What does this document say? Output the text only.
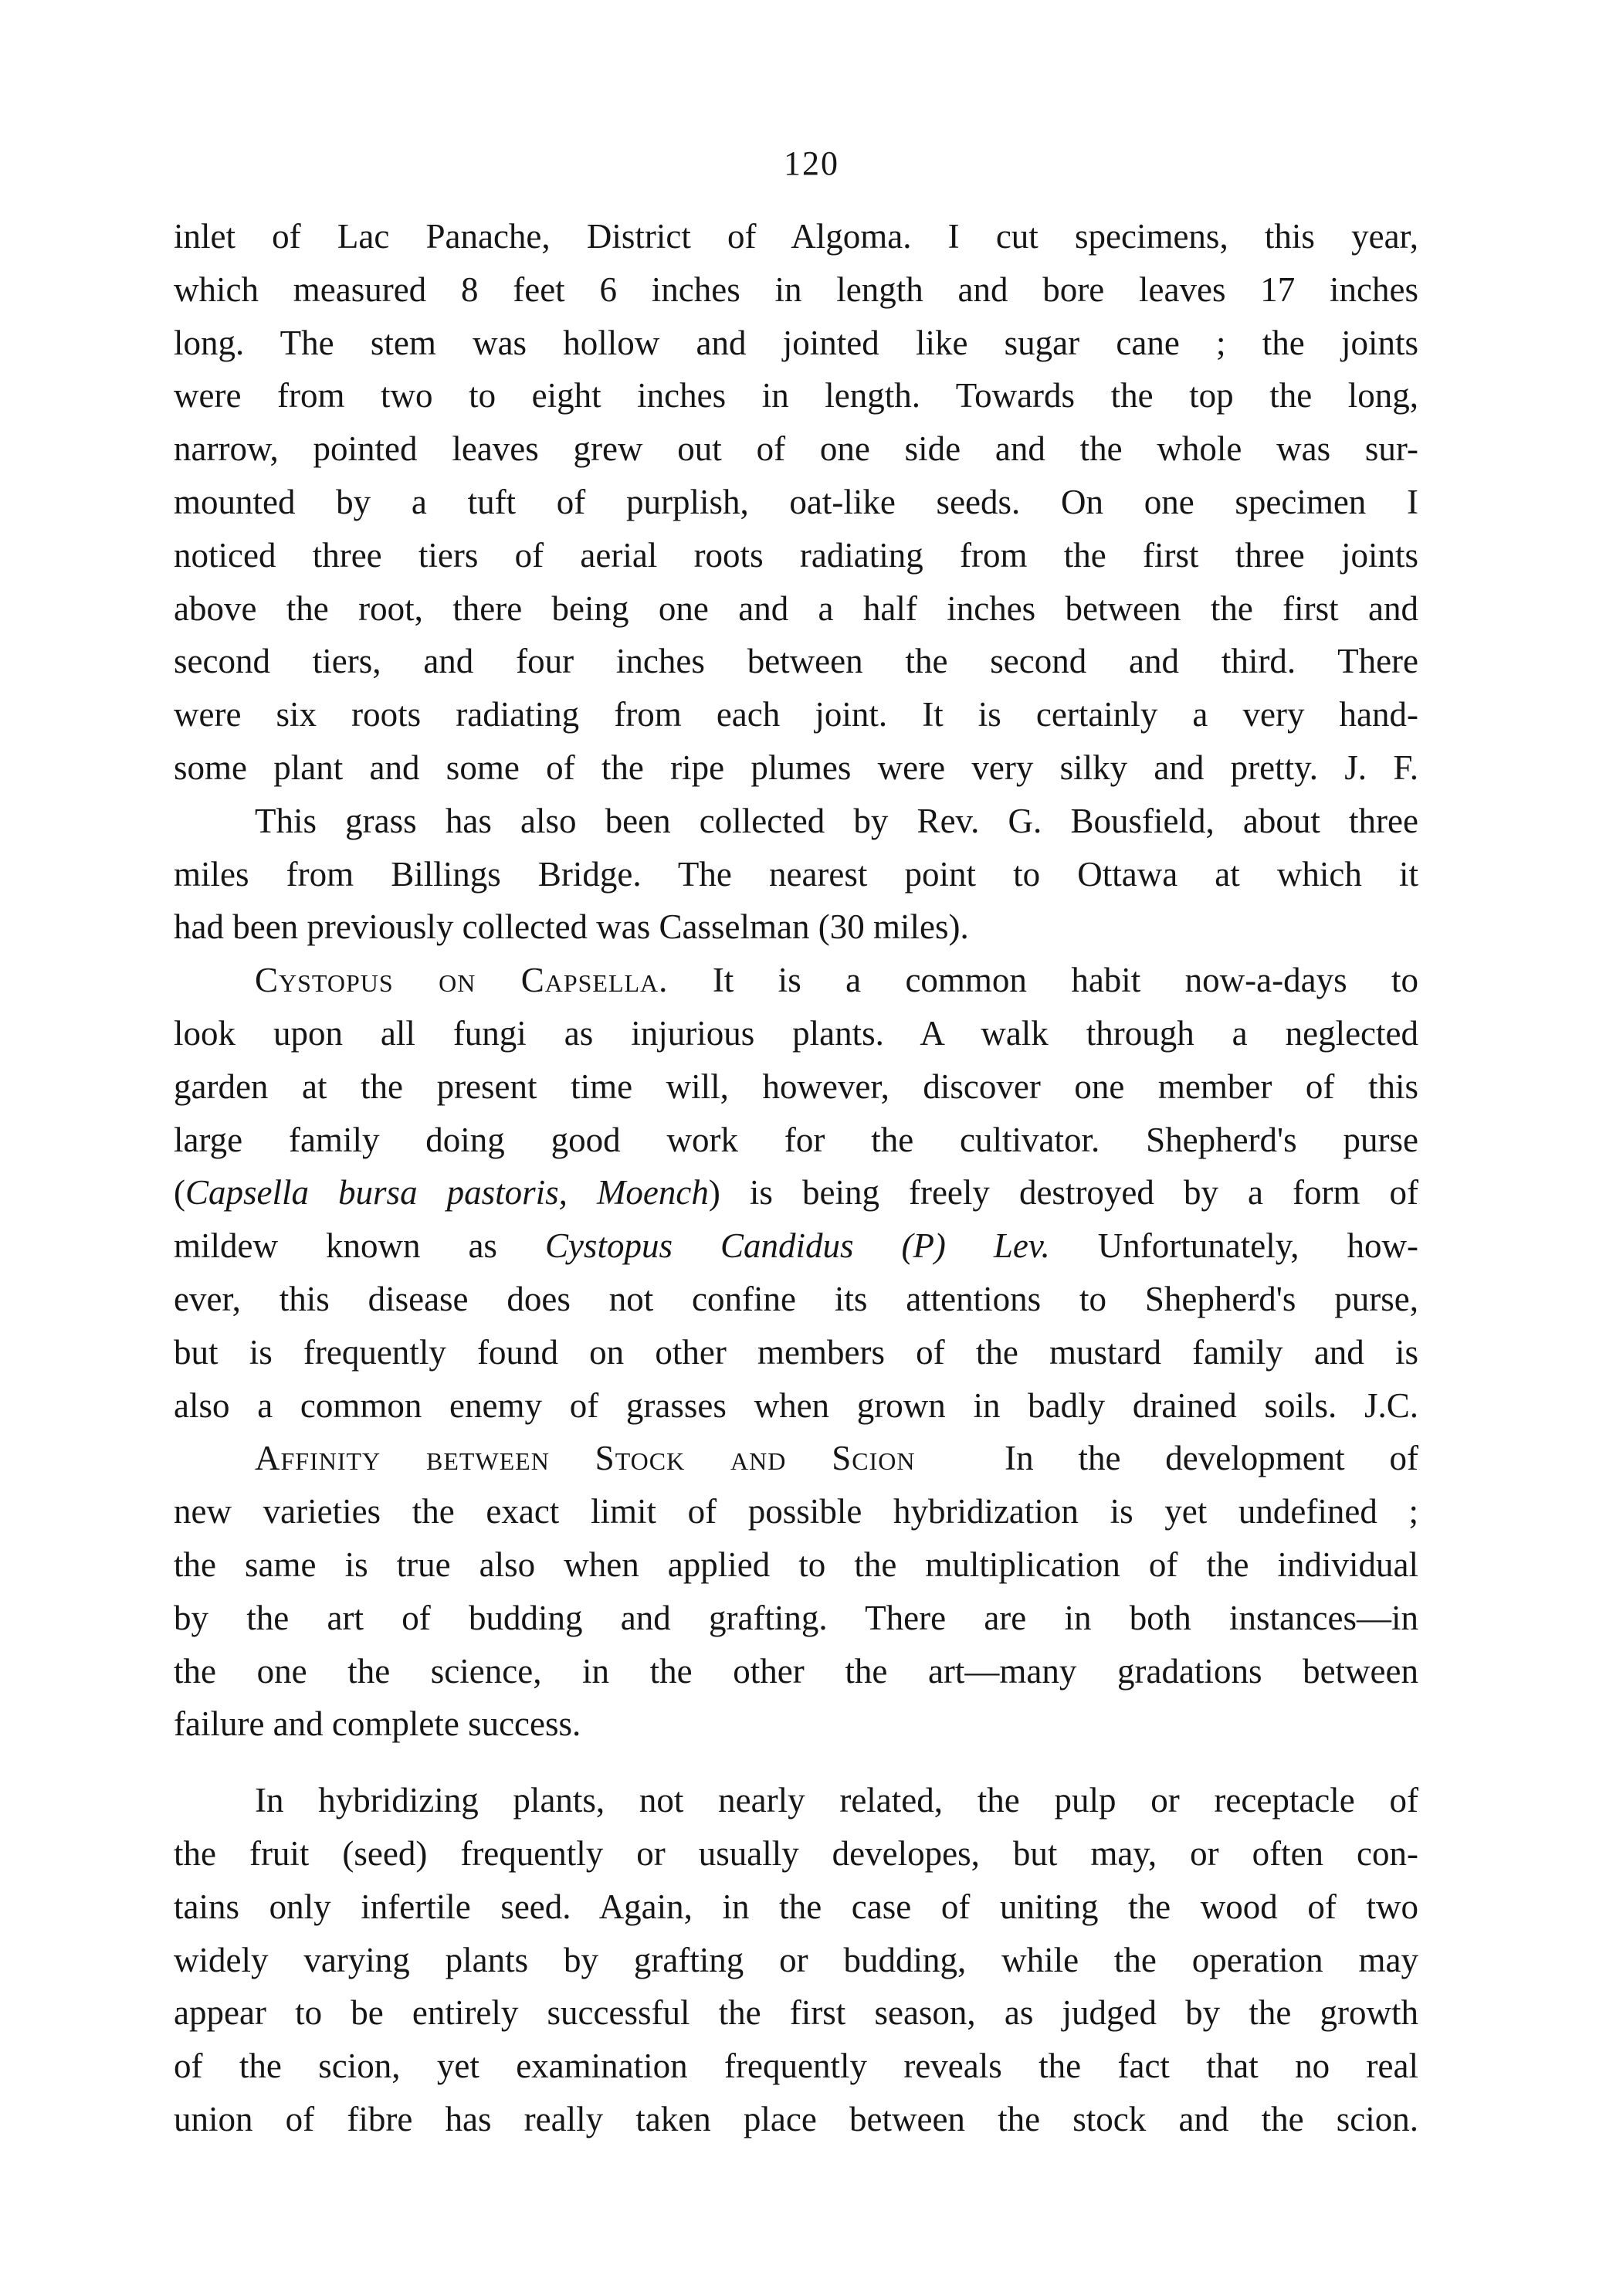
120
inlet of Lac Panache, District of Algoma. I cut specimens, this year,
which measured 8 feet 6 inches in length and bore leaves 17 inches
long. The stem was hollow and jointed like sugar cane ; the joints
were from two to eight inches in length. Towards the top the long,
narrow, pointed leaves grew out of one side and the whole was sur-
mounted by a tuft of purplish, oat-like seeds. On one specimen I
noticed three tiers of aerial roots radiating from the first three joints
above the root, there being one and a half inches between the first and
second tiers, and four inches between the second and third. There
were six roots radiating from each joint. It is certainly a very hand-
some plant and some of the ripe plumes were very silky and pretty. J. F.
This grass has also been collected by Rev. G. Bousfield, about three
miles from Billings Bridge. The nearest point to Ottawa at which it
had been previously collected was Casselman (30 miles).
Cystopus on Capsella. It is a common habit now-a-days to
look upon all fungi as injurious plants. A walk through a neglected
garden at the present time will, however, discover one member of this
large family doing good work for the cultivator. Shepherd's purse
(Capsella bursa pastoris, Moench) is being freely destroyed by a form of
mildew known as Cystopus Candidus (P) Lev. Unfortunately, how-
ever, this disease does not confine its attentions to Shepherd's purse,
but is frequently found on other members of the mustard family and is
also a common enemy of grasses when grown in badly drained soils. J.C.
Affinity between Stock and Scion	In the development of
new varieties the exact limit of possible hybridization is yet undefined ;
the same is true also when applied to the multiplication of the individual
by the art of budding and grafting. There are in both instances—in
the one the science, in the other the art—many gradations between
failure and complete success.
In hybridizing plants, not nearly related, the pulp or receptacle of
the fruit (seed) frequently or usually developes, but may, or often con-
tains only infertile seed. Again, in the case of uniting the wood of two
widely varying plants by grafting or budding, while the operation may
appear to be entirely successful the first season, as judged by the growth
of the scion, yet examination frequently reveals the fact that no real
union of fibre has really taken place between the stock and the scion.
